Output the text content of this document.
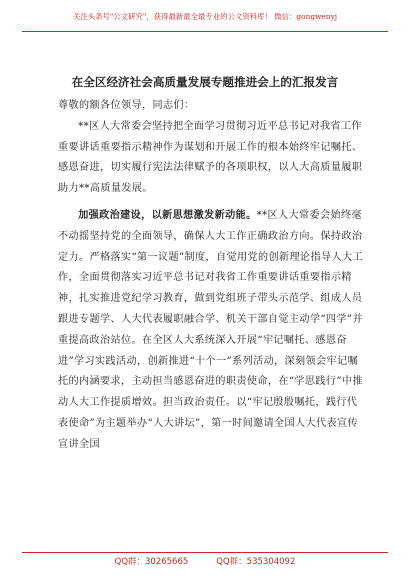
关注头条号"公文研究"，获得最新最全最专业的公文资料库！ 微信：gongwenyj
在全区经济社会高质量发展专题推进会上的汇报发言

尊敬的额各位领导，同志们：

**区人大常委会坚持把全面学习贯彻习近平总书记对我省工作重要讲话重要指示精神作为谋划和开展工作的根本始终牢记嘱托、感恩奋进，切实履行宪法法律赋予的各项职权，以人大高质量履职助力**高质量发展。

加强政治建设，以新思想激发新动能。**区人大常委会始终毫不动摇坚持党的全面领导，确保人大工作正确政治方向。保持政治定力。严格落实“第一议题”制度，自觉用党的创新理论指导人大工作，全面贯彻落实习近平总书记对我省工作重要讲话重要指示精神，扎实推进党纪学习教育，做到党组班子带头示范学、组成人员跟进专题学、人大代表履职融合学、机关干部自觉主动学“四学”并重提高政治站位。在全区人大系统深入开展“牢记嘱托、感恩奋进”学习实践活动，创新推进“十个一”系列活动，深刻领会牢记嘱托的内涵要求，主动担当感恩奋进的职责使命，在“学思践行”中推动人大工作提质增效。担当政治责任。以“牢记殷殷嘱托，践行代表使命”为主题举办“人大讲坛”，第一时间邀请全国人大代表宣传宣讲全国

QQ群：30265665	QQ群：535304092
